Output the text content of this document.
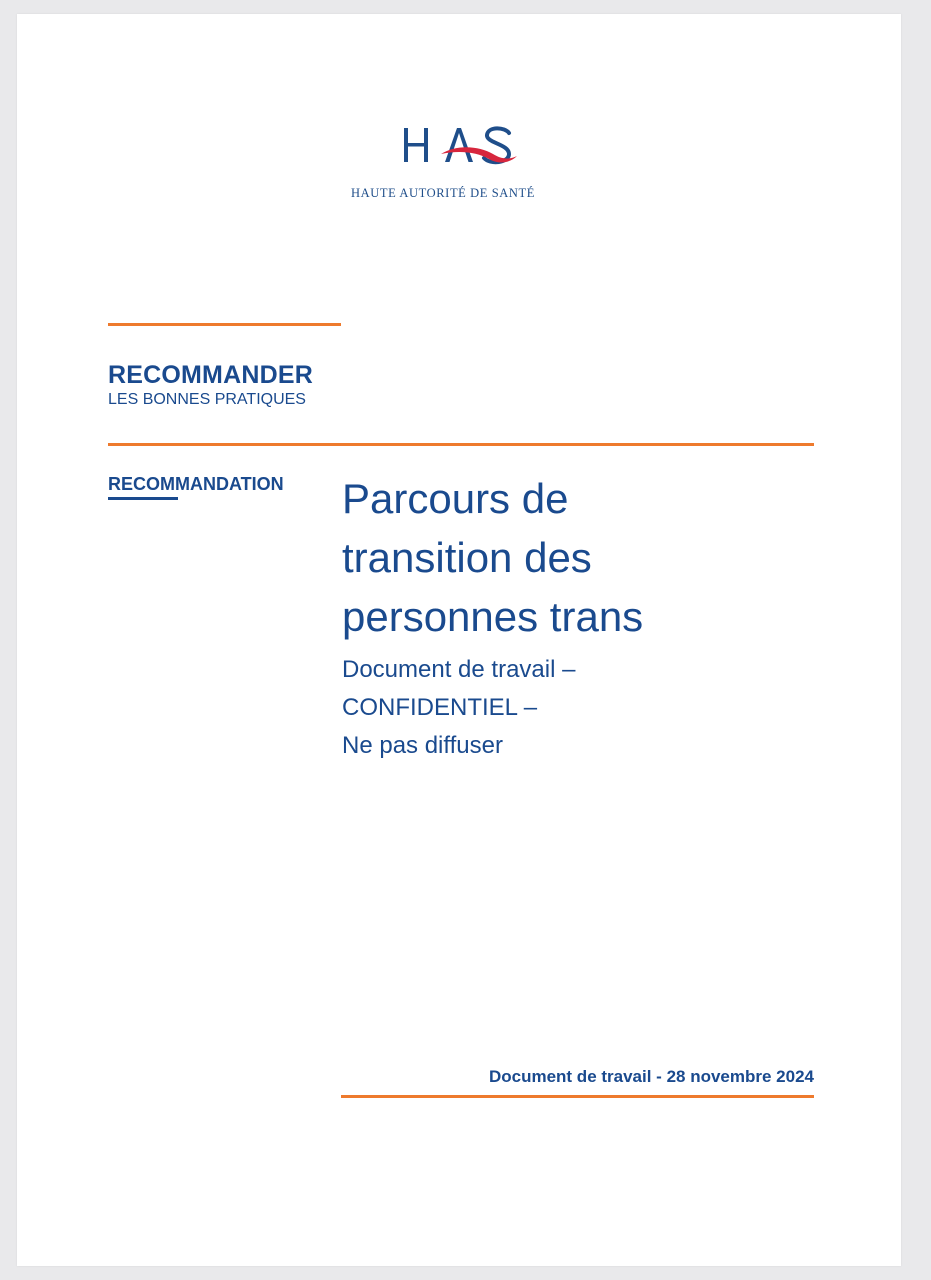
HAUTE AUTORITÉ DE SANTÉ
RECOMMANDER
LES BONNES PRATIQUES
RECOMMANDATION Parcours de
transition des
personnes trans
Document de travail –
CONFIDENTIEL –
Ne pas diffuser
Document de travail - 28 novembre 2024
